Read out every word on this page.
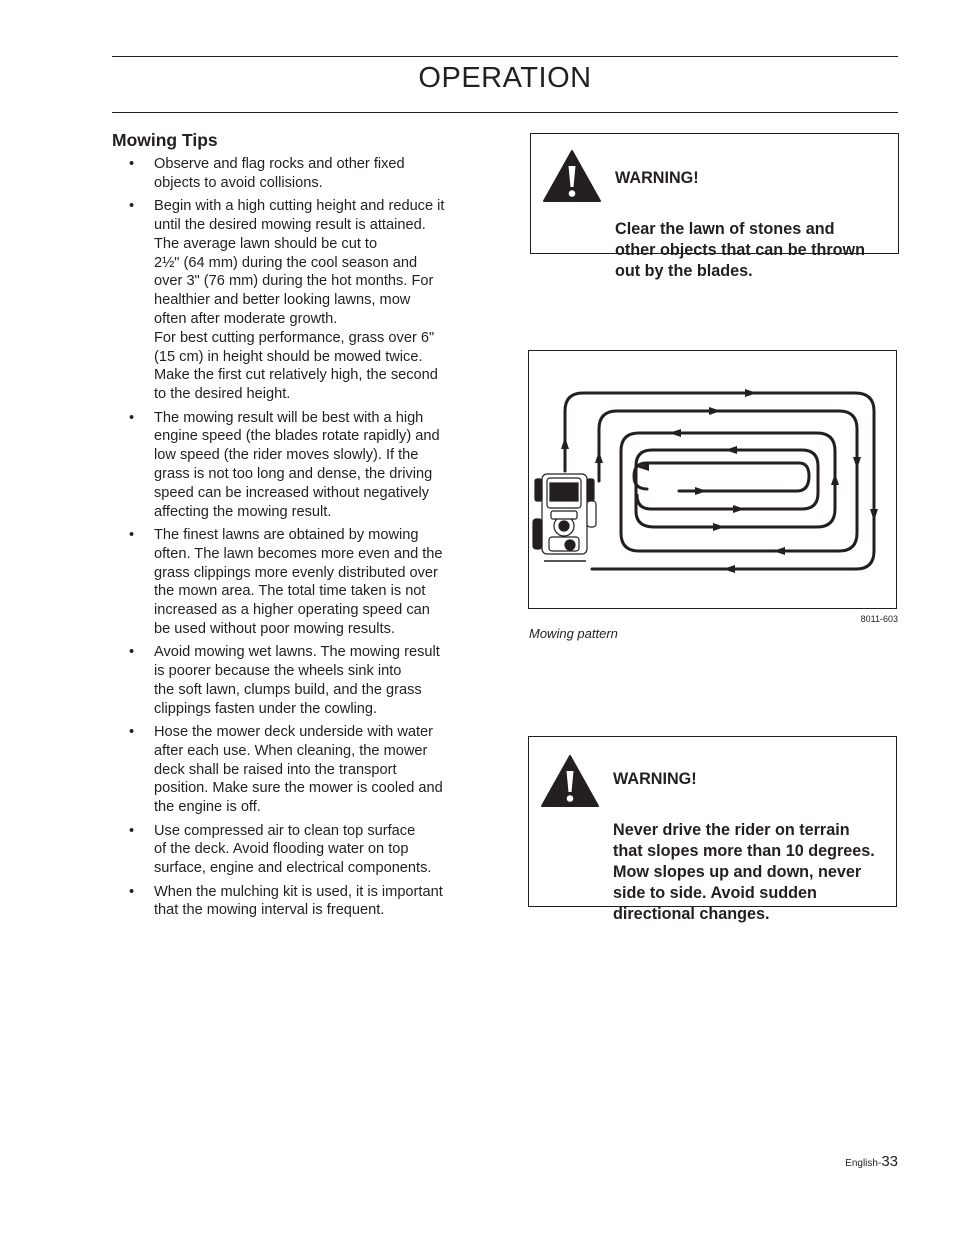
OPERATION
Mowing Tips
• Observe and flag rocks and other fixed
objects to avoid collisions.
• Begin with a high cutting height and reduce it
until the desired mowing result is attained.
The average lawn should be cut to
2½" (64 mm) during the cool season and
over 3" (76 mm) during the hot months. For
healthier and better looking lawns, mow
often after moderate growth.
For best cutting performance, grass over 6"
(15 cm) in height should be mowed twice.
Make the first cut relatively high, the second
to the desired height.
• The mowing result will be best with a high
engine speed (the blades rotate rapidly) and
low speed (the rider moves slowly). If the
grass is not too long and dense, the driving
speed can be increased without negatively
affecting the mowing result.
• The finest lawns are obtained by mowing
often. The lawn becomes more even and the
grass clippings more evenly distributed over
the mown area. The total time taken is not
increased as a higher operating speed can
be used without poor mowing results.
• Avoid mowing wet lawns. The mowing result
is poorer because the wheels sink into
the soft lawn, clumps build, and the grass
clippings fasten under the cowling.
• Hose the mower deck underside with water
after each use. When cleaning, the mower
deck shall be raised into the transport
position. Make sure the mower is cooled and
the engine is off.
• Use compressed air to clean top surface
of the deck. Avoid flooding water on top
surface, engine and electrical components.
• When the mulching kit is used, it is important
that the mowing interval is frequent.

WARNING!

Clear the lawn of stones and
other objects that can be thrown
out by the blades.

8011-603
Mowing pattern

WARNING!

Never drive the rider on terrain
that slopes more than 10 degrees.
Mow slopes up and down, never
side to side. Avoid sudden
directional changes.

English-33
